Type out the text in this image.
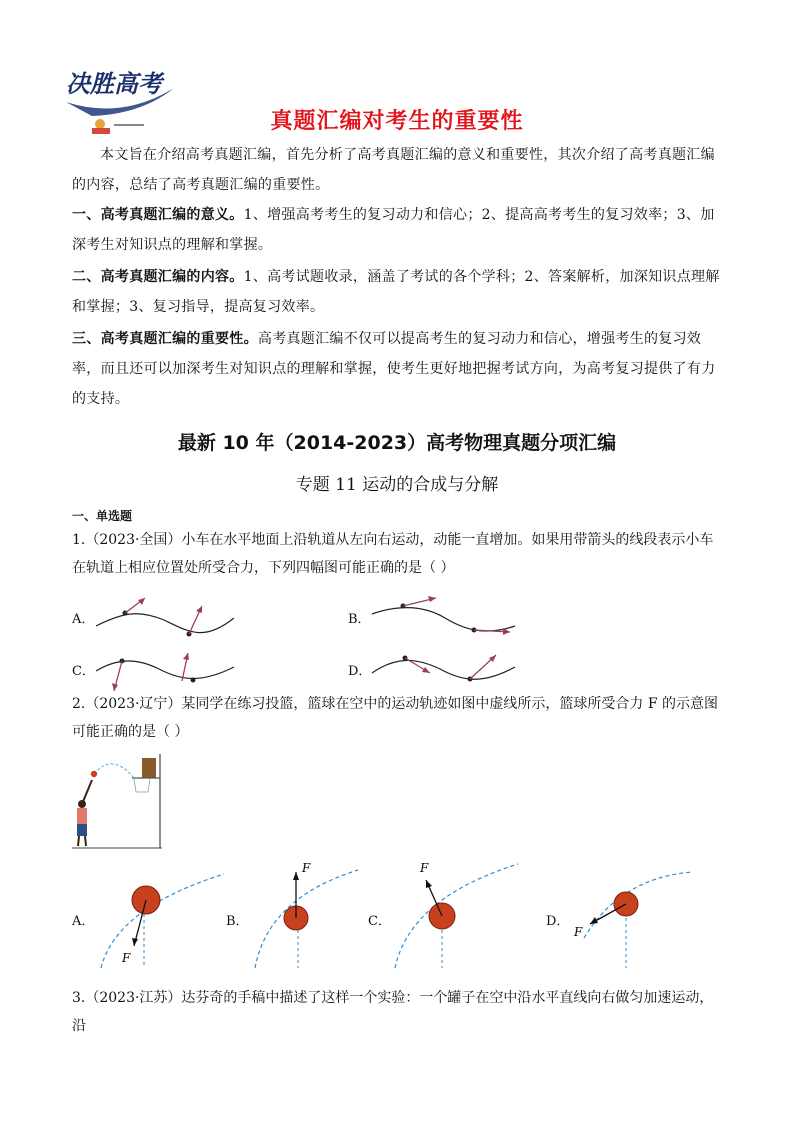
决胜高考
真题汇编对考生的重要性
本文旨在介绍高考真题汇编，首先分析了高考真题汇编的意义和重要性，其次介绍了高考真题汇编的内容，总结了高考真题汇编的重要性。
一、高考真题汇编的意义。1、增强高考考生的复习动力和信心；2、提高高考考生的复习效率；3、加深考生对知识点的理解和掌握。
二、高考真题汇编的内容。1、高考试题收录，涵盖了考试的各个学科；2、答案解析，加深知识点理解和掌握；3、复习指导，提高复习效率。
三、高考真题汇编的重要性。高考真题汇编不仅可以提高考生的复习动力和信心，增强考生的复习效率，而且还可以加深考生对知识点的理解和掌握，使考生更好地把握考试方向，为高考复习提供了有力的支持。
最新 10 年（2014-2023）高考物理真题分项汇编
专题 11 运动的合成与分解
一、单选题
1.（2023·全国）小车在水平地面上沿轨道从左向右运动，动能一直增加。如果用带箭头的线段表示小车在轨道上相应位置处所受合力，下列四幅图可能正确的是（ ）
A．	B．
C．	D．
2.（2023·辽宁）某同学在练习投篮，篮球在空中的运动轨迹如图中虚线所示，篮球所受合力 F 的示意图可能正确的是（ ）
A．
F
B．
F
C．
F
D．
F
3.（2023·江苏）达芬奇的手稿中描述了这样一个实验：一个罐子在空中沿水平直线向右做匀加速运动，沿
